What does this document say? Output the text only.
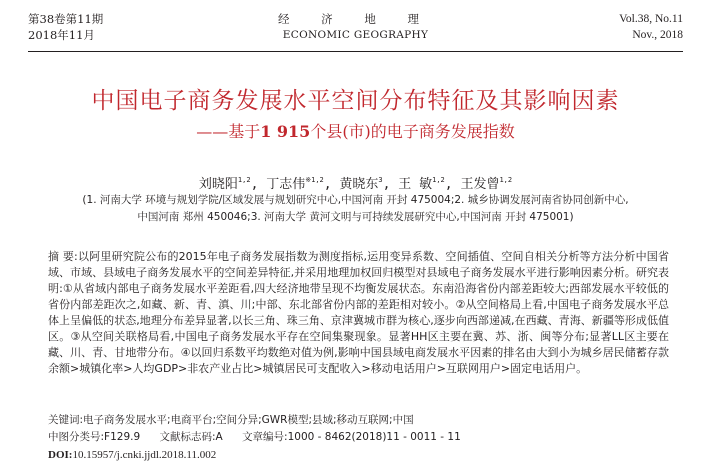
第38卷第11期
2018年11月
经 济 地 理
ECONOMIC GEOGRAPHY
Vol.38, No.11
Nov., 2018
中国电子商务发展水平空间分布特征及其影响因素
——基于1 915个县(市)的电子商务发展指数
刘晓阳$^{1,2}$, 丁志伟$^{※1,2}$, 黄晓东$^3$, 王 敏$^{1,2}$, 王发曾$^{1,2}$
(1. 河南大学 环境与规划学院/区域发展与规划研究中心,中国河南 开封 475004;2. 城乡协调发展河南省协同创新中心,
中国河南 郑州 450046;3. 河南大学 黄河文明与可持续发展研究中心,中国河南 开封 475001)
摘 要:以阿里研究院公布的2015年电子商务发展指数为测度指标,运用变异系数、空间插值、空间自相关分析等方法分析中国省域、市域、县域电子商务发展水平的空间差异特征,并采用地理加权回归模型对县域电子商务发展水平进行影响因素分析。研究表明:①从省域内部电子商务发展水平差距看,四大经济地带呈现不均衡发展状态。东南沿海省份内部差距较大;西部发展水平较低的省份内部差距次之,如藏、新、青、滇、川;中部、东北部省份内部的差距相对较小。②从空间格局上看,中国电子商务发展水平总体上呈偏低的状态,地理分布差异显著,以长三角、珠三角、京津冀城市群为核心,逐步向西部递减,在西藏、青海、新疆等形成低值区。③从空间关联格局看,中国电子商务发展水平存在空间集聚现象。显著HH区主要在冀、苏、浙、闽等分布;显著LL区主要在藏、川、青、甘地带分布。④以回归系数平均数绝对值为例,影响中国县域电商发展水平因素的排名由大到小为城乡居民储蓄存款余额>城镇化率>人均GDP>非农产业占比>城镇居民可支配收入>移动电话用户>互联网用户>固定电话用户。
关键词:电子商务发展水平;电商平台;空间分异;GWR模型;县域;移动互联网;中国
中图分类号:F129.9 文献标志码:A 文章编号:1000 - 8462(2018)11 - 0011 - 11
DOI:10.15957/j.cnki.jjdl.2018.11.002
